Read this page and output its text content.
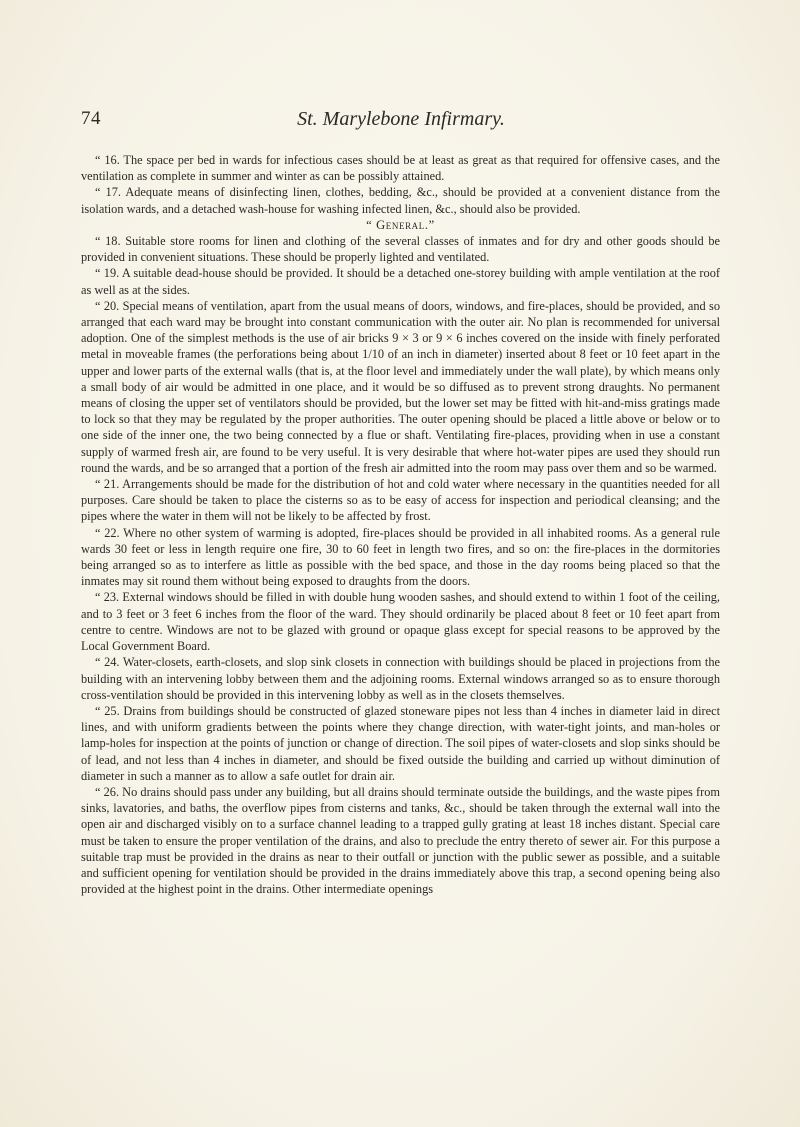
74	St. Marylebone Infirmary.

“ 16. The space per bed in wards for infectious cases should be at least as great as that required for offensive cases, and the ventilation as complete in summer and winter as can be possibly attained.

“ 17. Adequate means of disinfecting linen, clothes, bedding, &c., should be provided at a convenient distance from the isolation wards, and a detached wash-house for washing infected linen, &c., should also be provided.

“ General.”

“ 18. Suitable store rooms for linen and clothing of the several classes of inmates and for dry and other goods should be provided in convenient situations. These should be properly lighted and ventilated.

“ 19. A suitable dead-house should be provided. It should be a detached one-storey building with ample ventilation at the roof as well as at the sides.

“ 20. Special means of ventilation, apart from the usual means of doors, windows, and fire-places, should be provided, and so arranged that each ward may be brought into constant communication with the outer air. No plan is recommended for universal adoption. One of the simplest methods is the use of air bricks 9 × 3 or 9 × 6 inches covered on the inside with finely perforated metal in moveable frames (the perforations being about 1/10 of an inch in diameter) inserted about 8 feet or 10 feet apart in the upper and lower parts of the external walls (that is, at the floor level and immediately under the wall plate), by which means only a small body of air would be admitted in one place, and it would be so diffused as to prevent strong draughts. No permanent means of closing the upper set of ventilators should be provided, but the lower set may be fitted with hit-and-miss gratings made to lock so that they may be regulated by the proper authorities. The outer opening should be placed a little above or below or to one side of the inner one, the two being connected by a flue or shaft. Ventilating fire-places, providing when in use a constant supply of warmed fresh air, are found to be very useful. It is very desirable that where hot-water pipes are used they should run round the wards, and be so arranged that a portion of the fresh air admitted into the room may pass over them and so be warmed.

“ 21. Arrangements should be made for the distribution of hot and cold water where necessary in the quantities needed for all purposes. Care should be taken to place the cisterns so as to be easy of access for inspection and periodical cleansing; and the pipes where the water in them will not be likely to be affected by frost.

“ 22. Where no other system of warming is adopted, fire-places should be provided in all inhabited rooms. As a general rule wards 30 feet or less in length require one fire, 30 to 60 feet in length two fires, and so on: the fire-places in the dormitories being arranged so as to interfere as little as possible with the bed space, and those in the day rooms being placed so that the inmates may sit round them without being exposed to draughts from the doors.

“ 23. External windows should be filled in with double hung wooden sashes, and should extend to within 1 foot of the ceiling, and to 3 feet or 3 feet 6 inches from the floor of the ward. They should ordinarily be placed about 8 feet or 10 feet apart from centre to centre. Windows are not to be glazed with ground or opaque glass except for special reasons to be approved by the Local Government Board.

“ 24. Water-closets, earth-closets, and slop sink closets in connection with buildings should be placed in projections from the building with an intervening lobby between them and the adjoining rooms. External windows arranged so as to ensure thorough cross-ventilation should be provided in this intervening lobby as well as in the closets themselves.

“ 25. Drains from buildings should be constructed of glazed stoneware pipes not less than 4 inches in diameter laid in direct lines, and with uniform gradients between the points where they change direction, with water-tight joints, and man-holes or lamp-holes for inspection at the points of junction or change of direction. The soil pipes of water-closets and slop sinks should be of lead, and not less than 4 inches in diameter, and should be fixed outside the building and carried up without diminution of diameter in such a manner as to allow a safe outlet for drain air.

“ 26. No drains should pass under any building, but all drains should terminate outside the buildings, and the waste pipes from sinks, lavatories, and baths, the overflow pipes from cisterns and tanks, &c., should be taken through the external wall into the open air and discharged visibly on to a surface channel leading to a trapped gully grating at least 18 inches distant. Special care must be taken to ensure the proper ventilation of the drains, and also to preclude the entry thereto of sewer air. For this purpose a suitable trap must be provided in the drains as near to their outfall or junction with the public sewer as possible, and a suitable and sufficient opening for ventilation should be provided in the drains immediately above this trap, a second opening being also provided at the highest point in the drains. Other intermediate openings
